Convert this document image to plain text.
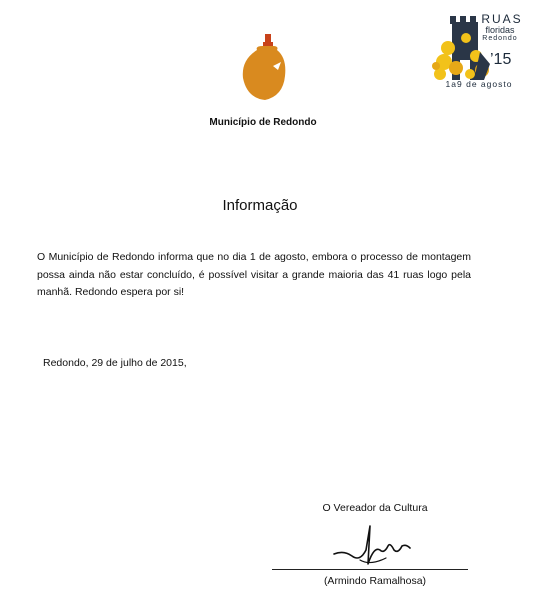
Município de Redondo
RUAS
floridas
Redondo
’15
1a9 de agosto
Informação
O Município de Redondo informa que no dia 1 de agosto, embora o processo de montagem possa ainda não estar concluído, é possível visitar a grande maioria das 41 ruas logo pela manhã. Redondo espera por si!
Redondo, 29 de julho de 2015,
O Vereador da Cultura
(Armindo Ramalhosa)
